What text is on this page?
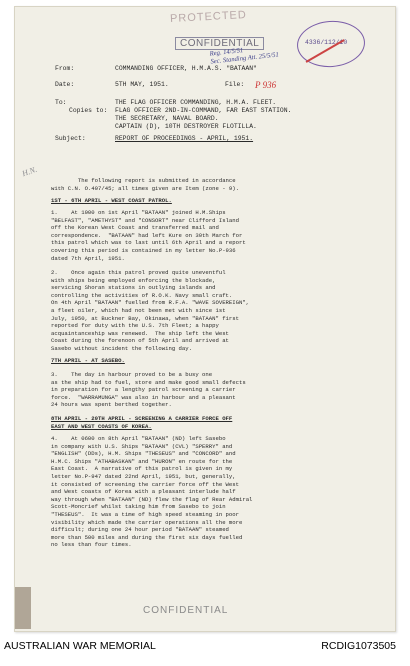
PROTECTED
CONFIDENTIAL
Reg. 14/5/51
Sec. Standing Att. 25/5/51
4336/112/10
From:	COMMANDING OFFICER, H.M.A.S. "BATAAN"
Date:	5TH MAY, 1951.	File: P 936
To:	THE FLAG OFFICER COMMANDING, H.M.A. FLEET.
Copies to: FLAG OFFICER 2ND-IN-COMMAND, FAR EAST STATION.
THE SECRETARY, NAVAL BOARD.
CAPTAIN (D), 10TH DESTROYER FLOTILLA.
Subject:	REPORT OF PROCEEDINGS - APRIL, 1951.
H.N.
The following report is submitted in accordance
with C.N. O.407/45; all times given are Item (zone - 9).
1ST - 6TH APRIL - WEST COAST PATROL.
1.    At 1000 on 1st April "BATAAN" joined H.M.Ships
"BELFAST", "AMETHYST" and "CONSORT" near Clifford Island
off the Korean West Coast and transferred mail and
correspondence.  "BATAAN" had left Kure on 30th March for
this patrol which was to last until 6th April and a report
covering this period is contained in my letter No.P-936
dated 7th April, 1951.
2.    Once again this patrol proved quite uneventful
with ships being employed enforcing the blockade,
servicing Shoran stations in outlying islands and
controlling the activities of R.O.K. Navy small craft.
On 4th April "BATAAN" fuelled from R.F.A. "WAVE SOVEREIGN",
a fleet oiler, which had not been met with since 1st
July, 1950, at Buckner Bay, Okinawa, when "BATAAN" first
reported for duty with the U.S. 7th Fleet; a happy
acquaintanceship was renewed.  The ship left the West
Coast during the forenoon of 5th April and arrived at
Sasebo without incident the following day.
7TH APRIL - AT SASEBO.
3.    The day in harbour proved to be a busy one
as the ship had to fuel, store and make good small defects
in preparation for a lengthy patrol screening a carrier
force.  "WARRAMUNGA" was also in harbour and a pleasant
24 hours was spent berthed together.
8TH APRIL - 20TH APRIL - SCREENING A CARRIER FORCE OFF
EAST AND WEST COASTS OF KOREA.
4.    At 0600 on 8th April "BATAAN" (ND) left Sasebo
in company with U.S. Ships "BATAAN" (CVL) "SPERRY" and
"ENGLISH" (DDs), H.M. Ships "THESEUS" and "CONCORD" and
H.M.C. Ships "ATHABASKAN" and "HURON" en route for the
East Coast.  A narrative of this patrol is given in my
letter No.P-947 dated 22nd April, 1951, but, generally,
it consisted of screening the carrier force off the West
and West coasts of Korea with a pleasant interlude half
way through when "BATAAN" (ND) flew the flag of Rear Admiral
Scott-Moncrief whilst taking him from Sasebo to join
"THESEUS".  It was a time of high speed steaming in poor
visibility which made the carrier operations all the more
difficult; during one 24 hour period "BATAAN" steamed
more than 500 miles and during the first six days fuelled
no less than four times.
CONFIDENTIAL
AUSTRALIAN WAR MEMORIAL	RCDIG1073505
